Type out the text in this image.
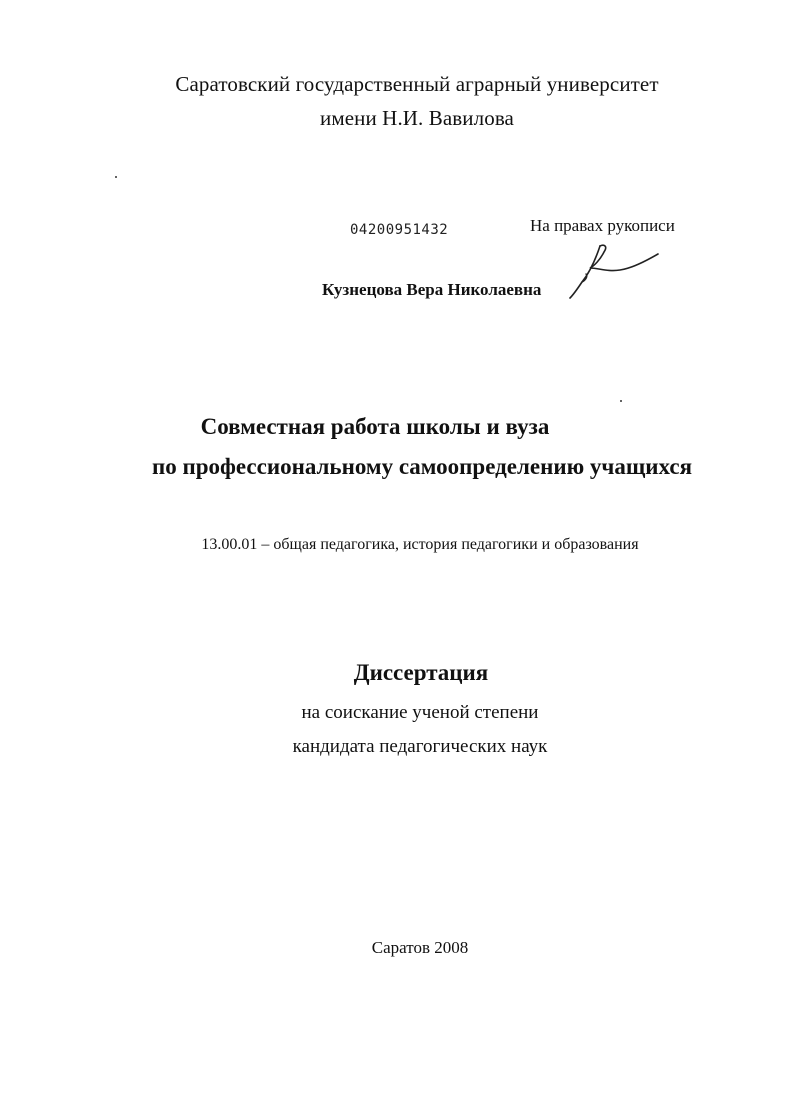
Саратовский государственный аграрный университет
имени Н.И. Вавилова
04200951432	На правах рукописи
Кузнецова Вера Николаевна
Совместная работа школы и вуза
по профессиональному самоопределению учащихся
13.00.01 – общая педагогика, история педагогики и образования
Диссертация
на соискание ученой степени
кандидата педагогических наук
Саратов 2008
